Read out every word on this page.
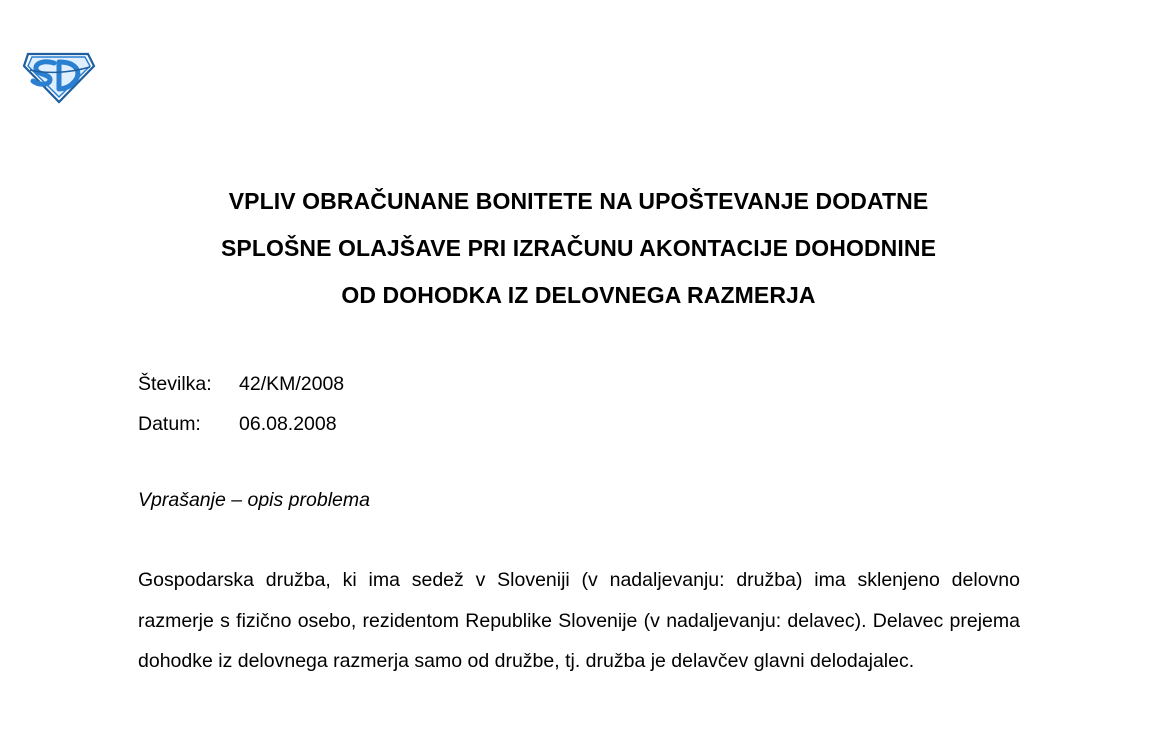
VPLIV OBRAČUNANE BONITETE NA UPOŠTEVANJE DODATNE
SPLOŠNE OLAJŠAVE PRI IZRAČUNU AKONTACIJE DOHODNINE
OD DOHODKA IZ DELOVNEGA RAZMERJA
Številka:	42/KM/2008
Datum:	06.08.2008
Vprašanje – opis problema
Gospodarska družba, ki ima sedež v Sloveniji (v nadaljevanju: družba) ima sklenjeno delovno razmerje s fizično osebo, rezidentom Republike Slovenije (v nadaljevanju: delavec). Delavec prejema dohodke iz delovnega razmerja samo od družbe, tj. družba je delavčev glavni delodajalec.
